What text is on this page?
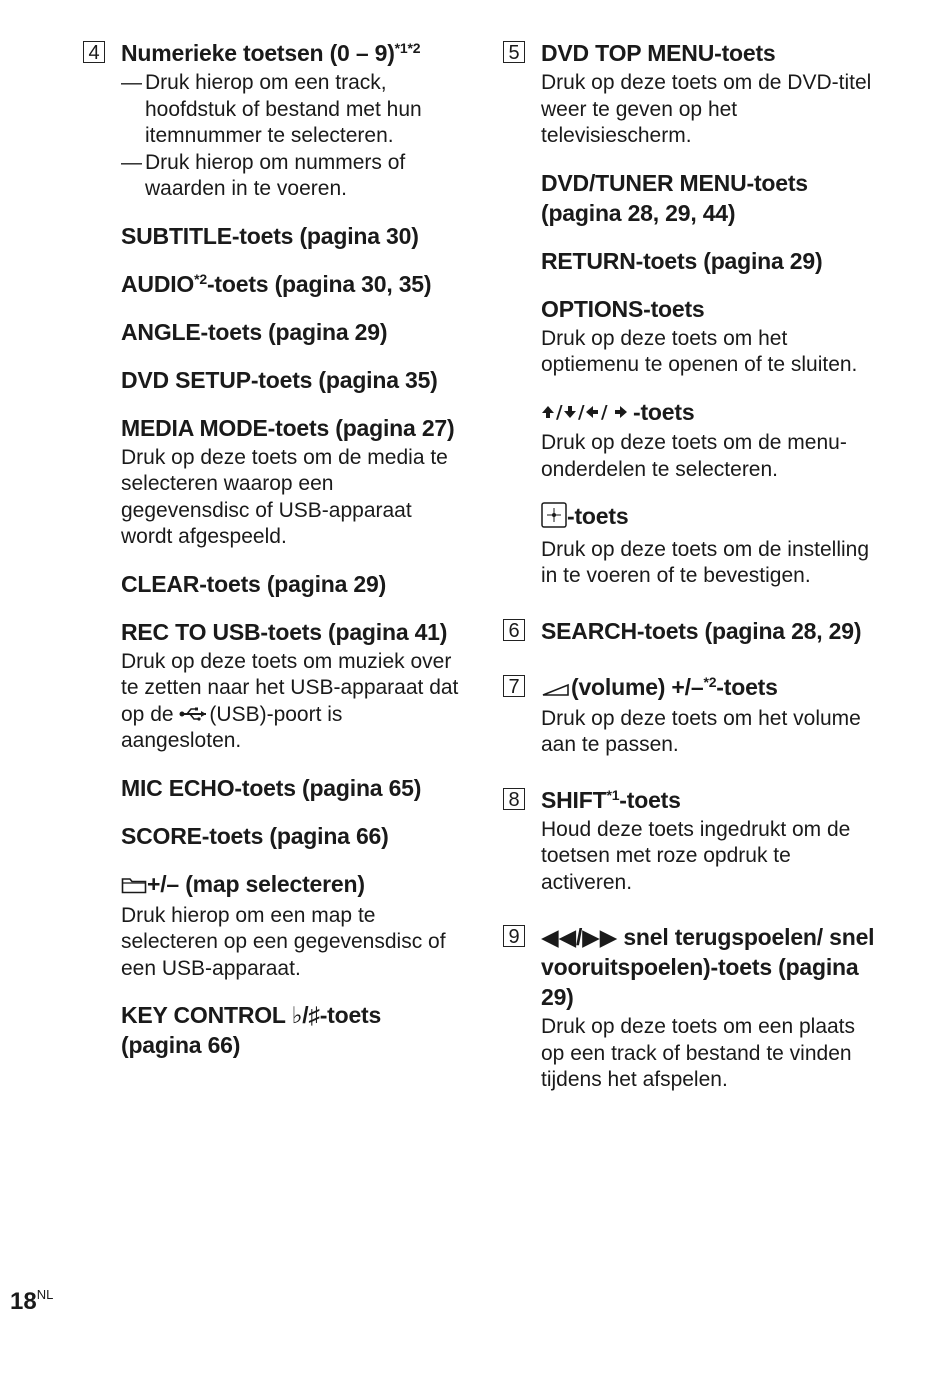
4 Numerieke toetsen (0 – 9)$^{*1*2}$
— Druk hierop om een track, hoofdstuk of bestand met hun itemnummer te selecteren.
— Druk hierop om nummers of waarden in te voeren.
SUBTITLE-toets (pagina 30)
AUDIO$^{*2}$-toets (pagina 30, 35)
ANGLE-toets (pagina 29)
DVD SETUP-toets (pagina 35)
MEDIA MODE-toets (pagina 27)
Druk op deze toets om de media te selecteren waarop een gegevensdisc of USB-apparaat wordt afgespeeld.
CLEAR-toets (pagina 29)
REC TO USB-toets (pagina 41)
Druk op deze toets om muziek over te zetten naar het USB-apparaat dat op de (USB)-poort is aangesloten.
MIC ECHO-toets (pagina 65)
SCORE-toets (pagina 66)
+/– (map selecteren)
Druk hierop om een map te selecteren op een gegevensdisc of een USB-apparaat.
KEY CONTROL ♭/♯-toets (pagina 66)
5 DVD TOP MENU-toets
Druk op deze toets om de DVD-titel weer te geven op het televisiescherm.
DVD/TUNER MENU-toets (pagina 28, 29, 44)
RETURN-toets (pagina 29)
OPTIONS-toets
Druk op deze toets om het optiemenu te openen of te sluiten.
/ / / -toets
Druk op deze toets om de menu-onderdelen te selecteren.
-toets
Druk op deze toets om de instelling in te voeren of te bevestigen.
6 SEARCH-toets (pagina 28, 29)
7	(volume) +/–$^{*2}$-toets
Druk op deze toets om het volume aan te passen.
8 SHIFT$^{*1}$-toets
Houd deze toets ingedrukt om de toetsen met roze opdruk te activeren.
9 ◀◀/▶▶ snel terugspoelen/ snel vooruitspoelen)-toets (pagina 29)
Druk op deze toets om een plaats op een track of bestand te vinden tijdens het afspelen.
$18^{NL}$
